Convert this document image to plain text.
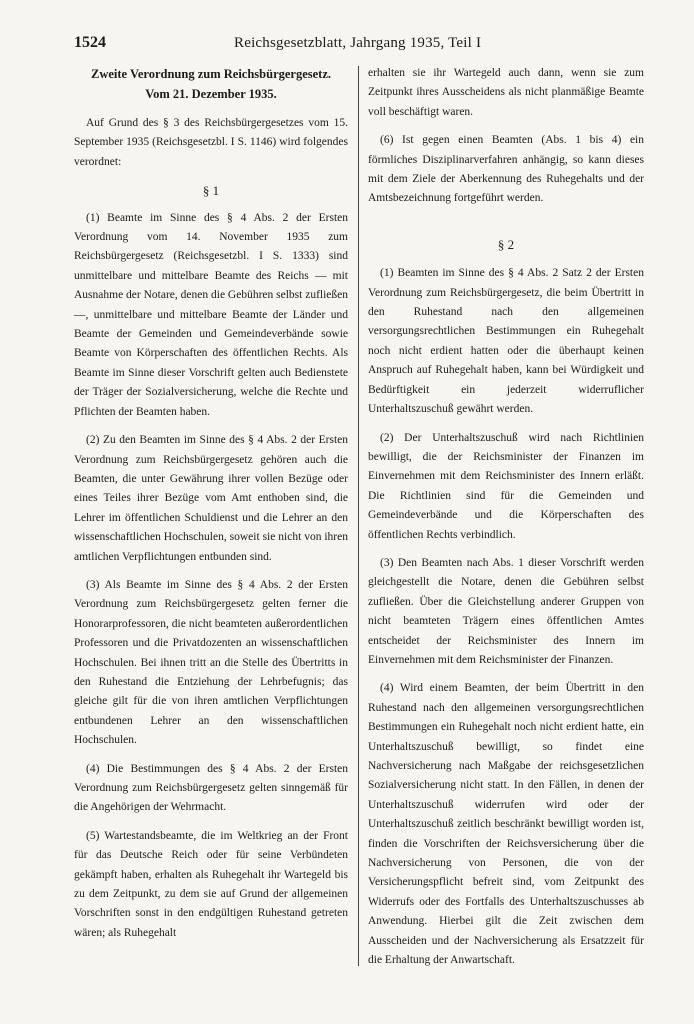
1524	Reichsgesetzblatt, Jahrgang 1935, Teil I
Zweite Verordnung zum Reichsbürgergesetz.
Vom 21. Dezember 1935.

Auf Grund des § 3 des Reichsbürgergesetzes vom 15. September 1935 (Reichsgesetzbl. I S. 1146) wird folgendes verordnet:

§ 1

(1) Beamte im Sinne des § 4 Abs. 2 der Ersten Verordnung vom 14. November 1935 zum Reichsbürgergesetz (Reichsgesetzbl. I S. 1333) sind unmittelbare und mittelbare Beamte des Reichs — mit Ausnahme der Notare, denen die Gebühren selbst zufließen —, unmittelbare und mittelbare Beamte der Länder und Beamte der Gemeinden und Gemeindeverbände sowie Beamte von Körperschaften des öffentlichen Rechts. Als Beamte im Sinne dieser Vorschrift gelten auch Bedienstete der Träger der Sozialversicherung, welche die Rechte und Pflichten der Beamten haben.

(2) Zu den Beamten im Sinne des § 4 Abs. 2 der Ersten Verordnung zum Reichsbürgergesetz gehören auch die Beamten, die unter Gewährung ihrer vollen Bezüge oder eines Teiles ihrer Bezüge vom Amt enthoben sind, die Lehrer im öffentlichen Schuldienst und die Lehrer an den wissenschaftlichen Hochschulen, soweit sie nicht von ihren amtlichen Verpflichtungen entbunden sind.

(3) Als Beamte im Sinne des § 4 Abs. 2 der Ersten Verordnung zum Reichsbürgergesetz gelten ferner die Honorarprofessoren, die nicht beamteten außerordentlichen Professoren und die Privatdozenten an wissenschaftlichen Hochschulen. Bei ihnen tritt an die Stelle des Übertritts in den Ruhestand die Entziehung der Lehrbefugnis; das gleiche gilt für die von ihren amtlichen Verpflichtungen entbundenen Lehrer an den wissenschaftlichen Hochschulen.

(4) Die Bestimmungen des § 4 Abs. 2 der Ersten Verordnung zum Reichsbürgergesetz gelten sinngemäß für die Angehörigen der Wehrmacht.

(5) Wartestandsbeamte, die im Weltkrieg an der Front für das Deutsche Reich oder für seine Verbündeten gekämpft haben, erhalten als Ruhegehalt ihr Wartegeld bis zu dem Zeitpunkt, zu dem sie auf Grund der allgemeinen Vorschriften sonst in den endgültigen Ruhestand getreten wären; als Ruhegehalt

erhalten sie ihr Wartegeld auch dann, wenn sie zum Zeitpunkt ihres Ausscheidens als nicht planmäßige Beamte voll beschäftigt waren.

(6) Ist gegen einen Beamten (Abs. 1 bis 4) ein förmliches Disziplinarverfahren anhängig, so kann dieses mit dem Ziele der Aberkennung des Ruhegehalts und der Amtsbezeichnung fortgeführt werden.

§ 2

(1) Beamten im Sinne des § 4 Abs. 2 Satz 2 der Ersten Verordnung zum Reichsbürgergesetz, die beim Übertritt in den Ruhestand nach den allgemeinen versorgungsrechtlichen Bestimmungen ein Ruhegehalt noch nicht erdient hatten oder die überhaupt keinen Anspruch auf Ruhegehalt haben, kann bei Würdigkeit und Bedürftigkeit ein jederzeit widerruflicher Unterhaltszuschuß gewährt werden.

(2) Der Unterhaltszuschuß wird nach Richtlinien bewilligt, die der Reichsminister der Finanzen im Einvernehmen mit dem Reichsminister des Innern erläßt. Die Richtlinien sind für die Gemeinden und Gemeindeverbände und die Körperschaften des öffentlichen Rechts verbindlich.

(3) Den Beamten nach Abs. 1 dieser Vorschrift werden gleichgestellt die Notare, denen die Gebühren selbst zufließen. Über die Gleichstellung anderer Gruppen von nicht beamteten Trägern eines öffentlichen Amtes entscheidet der Reichsminister des Innern im Einvernehmen mit dem Reichsminister der Finanzen.

(4) Wird einem Beamten, der beim Übertritt in den Ruhestand nach den allgemeinen versorgungsrechtlichen Bestimmungen ein Ruhegehalt noch nicht erdient hatte, ein Unterhaltszuschuß bewilligt, so findet eine Nachversicherung nach Maßgabe der reichsgesetzlichen Sozialversicherung nicht statt. In den Fällen, in denen der Unterhaltszuschuß widerrufen wird oder der Unterhaltszuschuß zeitlich beschränkt bewilligt worden ist, finden die Vorschriften der Reichsversicherung über die Nachversicherung von Personen, die von der Versicherungspflicht befreit sind, vom Zeitpunkt des Widerrufs oder des Fortfalls des Unterhaltszuschusses ab Anwendung. Hierbei gilt die Zeit zwischen dem Ausscheiden und der Nachversicherung als Ersatzzeit für die Erhaltung der Anwartschaft.
